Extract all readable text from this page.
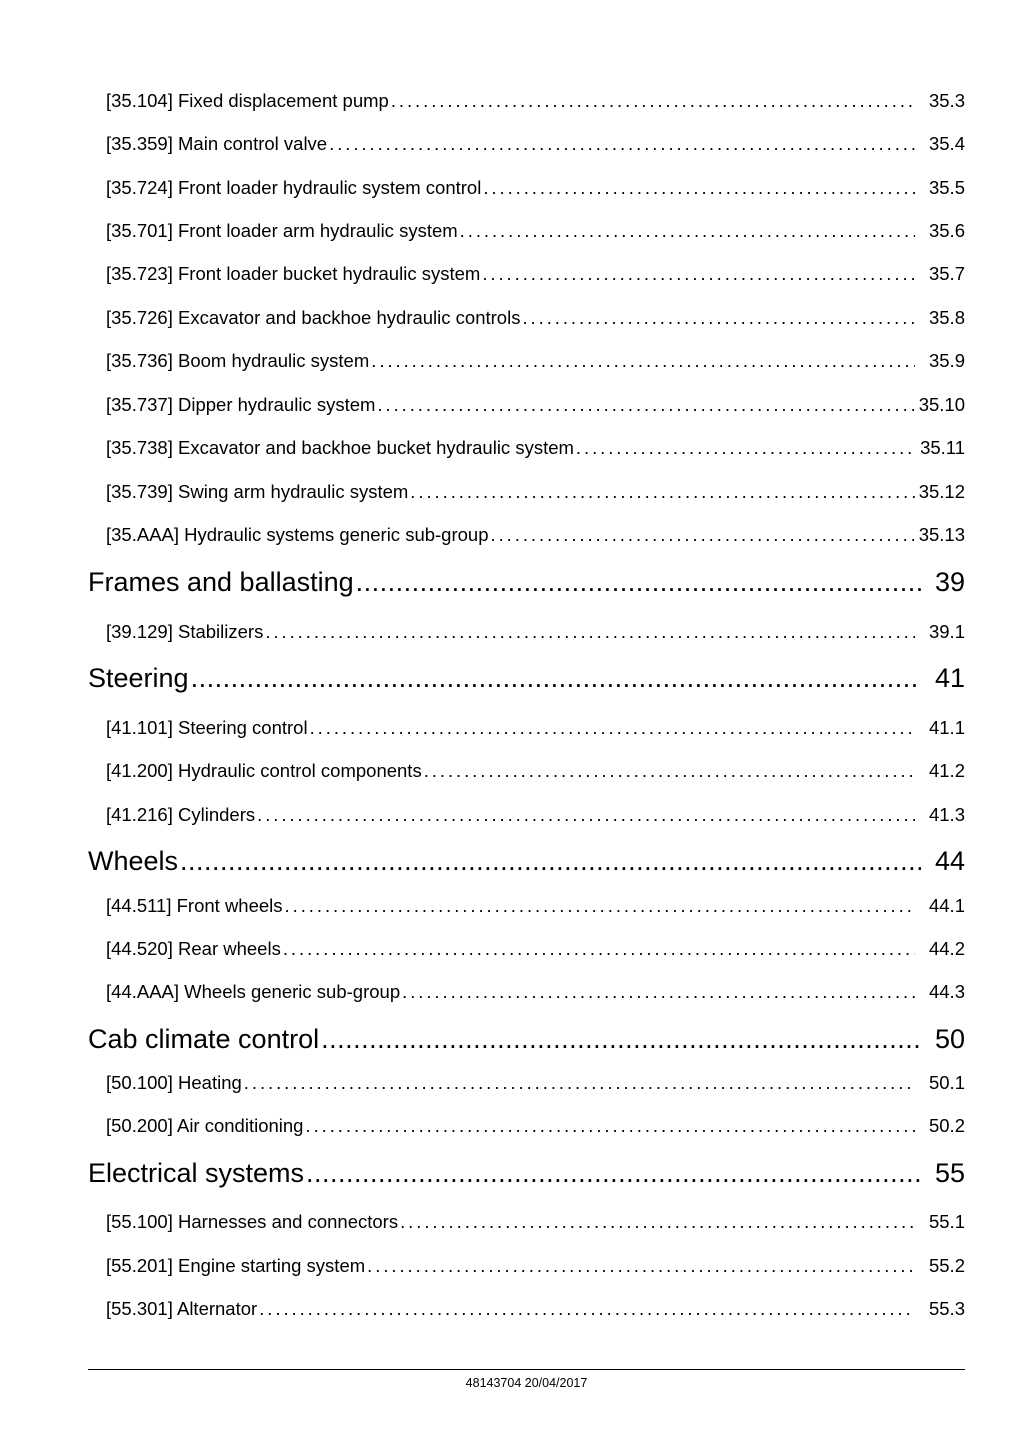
[35.104] Fixed displacement pump . . .	35.3
[35.359] Main control valve . . .	35.4
[35.724] Front loader hydraulic system control . . .	35.5
[35.701] Front loader arm hydraulic system . . .	35.6
[35.723] Front loader bucket hydraulic system . . .	35.7
[35.726] Excavator and backhoe hydraulic controls . . .	35.8
[35.736] Boom hydraulic system . . .	35.9
[35.737] Dipper hydraulic system . . .	35.10
[35.738] Excavator and backhoe bucket hydraulic system . . .	35.11
[35.739] Swing arm hydraulic system . . .	35.12
[35.AAA] Hydraulic systems generic sub-group . . .	35.13
Frames and ballasting .....	39
[39.129] Stabilizers . . .	39.1
Steering .....	41
[41.101] Steering control . . .	41.1
[41.200] Hydraulic control components . . .	41.2
[41.216] Cylinders . . .	41.3
Wheels .....	44
[44.511] Front wheels . . .	44.1
[44.520] Rear wheels . . .	44.2
[44.AAA] Wheels generic sub-group . . .	44.3
Cab climate control .....	50
[50.100] Heating . . .	50.1
[50.200] Air conditioning . . .	50.2
Electrical systems .....	55
[55.100] Harnesses and connectors . . .	55.1
[55.201] Engine starting system . . .	55.2
[55.301] Alternator . . .	55.3
48143704 20/04/2017
